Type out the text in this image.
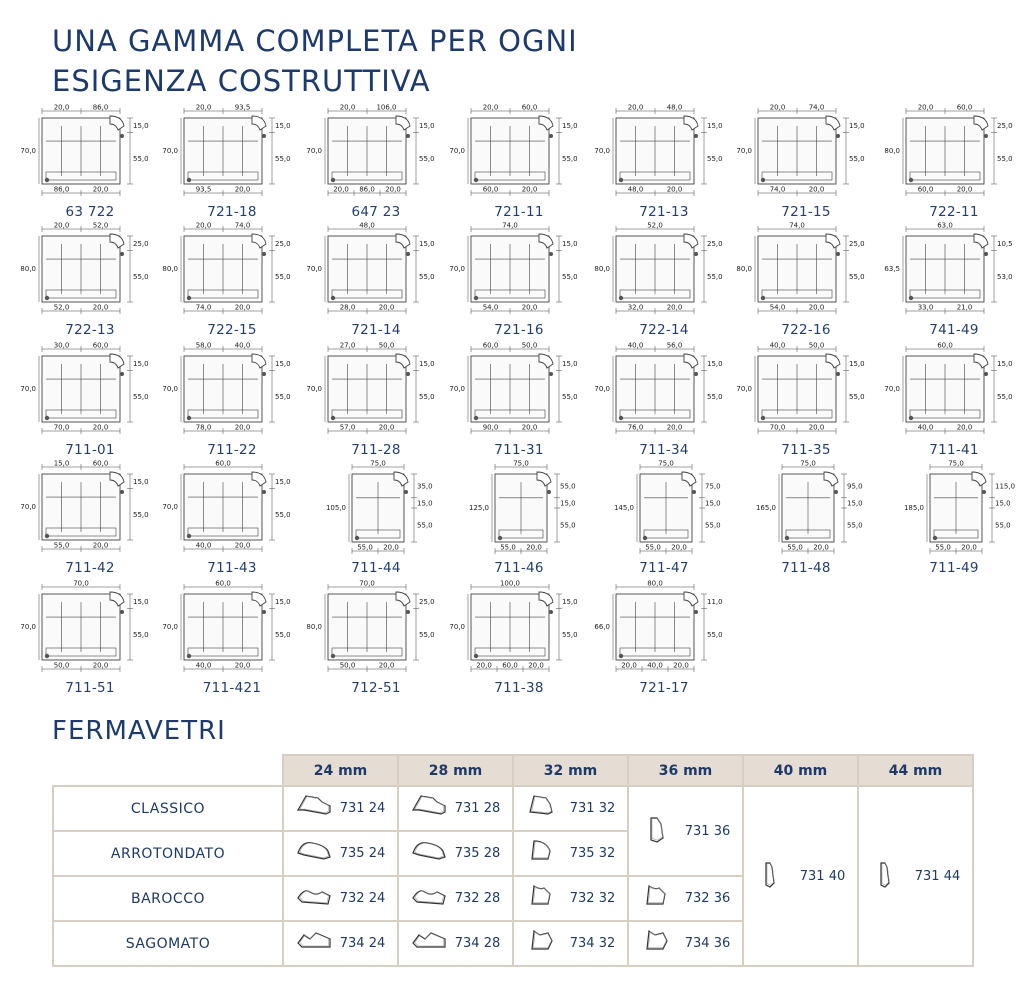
UNA GAMMA COMPLETA PER OGNI
ESIGENZA COSTRUTTIVA
20,0	86,0
86,0	20,0
70,0
15,0
55,0
63 722
20,0	93,5
93,5	20,0
70,0
15,0
55,0
721-18
20,0	106,0
20,0 86,0 20,0
70,0
15,0
55,0
647 23
20,0	60,0
60,0	20,0
70,0
15,0
55,0
721-11
20,0	48,0
48,0	20,0
70,0
15,0
55,0
721-13
20,0	74,0
74,0	20,0
70,0
15,0
55,0
721-15
20,0	60,0
60,0	20,0
80,0
25,0
55,0
722-11
20,0	52,0
52,0	20,0
80,0
25,0
55,0
722-13
20,0	74,0
74,0	20,0
80,0
25,0
55,0
722-15
48,0
28,0	20,0
70,0
15,0
55,0
721-14
74,0
54,0	20,0
70,0
15,0
55,0
721-16
52,0
32,0	20,0
80,0
25,0
55,0
722-14
74,0
54,0	20,0
80,0
25,0
55,0
722-16
63,0
33,0	21,0
63,5
10,5
53,0
741-49
30,0	60,0
70,0	20,0
70,0
15,0
55,0
711-01
58,0	40,0
78,0	20,0
70,0
15,0
55,0
711-22
27,0	50,0
57,0	20,0
70,0
15,0
55,0
711-28
60,0	50,0
90,0	20,0
70,0
15,0
55,0
711-31
40,0	56,0
76,0	20,0
70,0
15,0
55,0
711-34
40,0	50,0
70,0	20,0
70,0
15,0
55,0
711-35
60,0
40,0	20,0
70,0
15,0
55,0
711-41
15,0	60,0
55,0	20,0
70,0
15,0
55,0
711-42
60,0
40,0	20,0
70,0
15,0
55,0
711-43
75,0
55,0 20,0
105,0
35,0
15,0
55,0
711-44
75,0
55,0 20,0
125,0
55,0
15,0
55,0
711-46
75,0
55,0 20,0
145,0
75,0
15,0
55,0
711-47
75,0
55,0 20,0
165,0
95,0
15,0
55,0
711-48
75,0
55,0 20,0
185,0
115,0
15,0
55,0
711-49
70,0
50,0	20,0
70,0
15,0
55,0
711-51
60,0
40,0	20,0
70,0
15,0
55,0
711-421
70,0
50,0	20,0
80,0
25,0
55,0
712-51
100,0
20,0 60,0 20,0
70,0
15,0
55,0
711-38
80,0
20,0 40,0 20,0
66,0
11,0
55,0
721-17
FERMAVETRI
	24 mm	28 mm	32 mm	36 mm	40 mm	44 mm
CLASSICO	731 24	731 28	731 32	731 36	731 40	731 44

ARROTONDATO	735 24	735 28	735 32			

BAROCCO	732 24	732 28	732 32	732 36		

SAGOMATO	734 24	734 28	734 32	734 36		
